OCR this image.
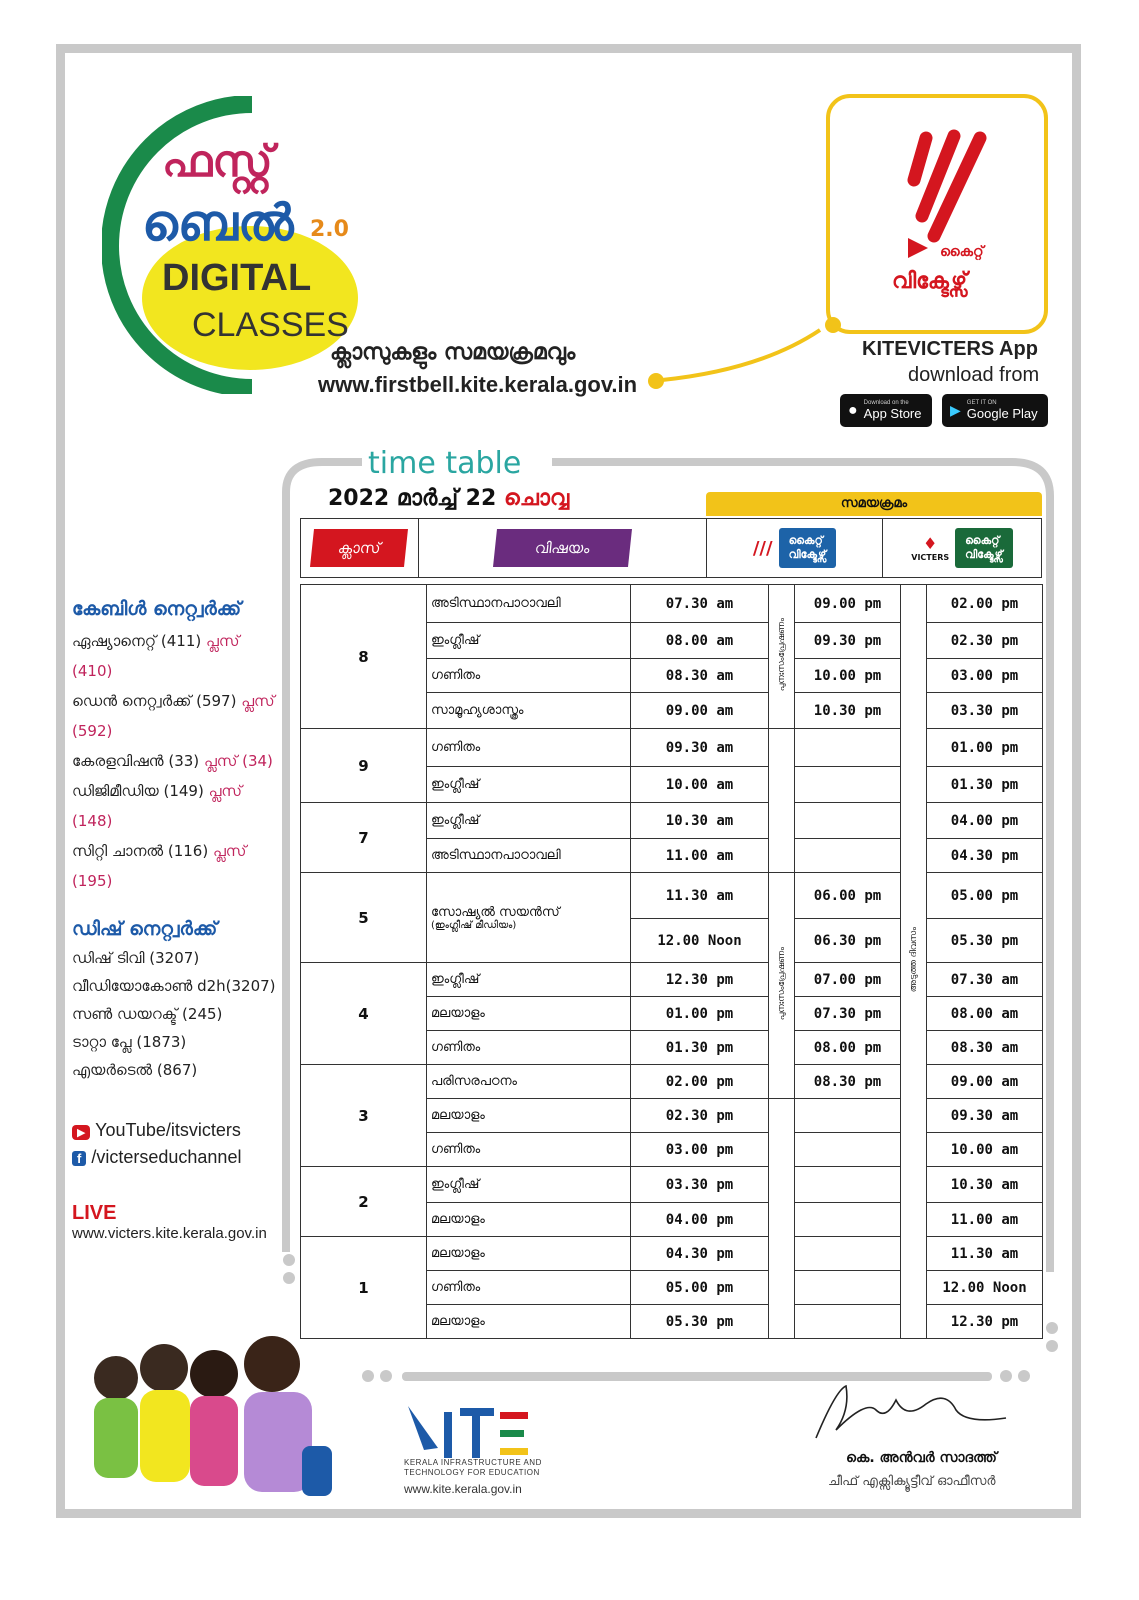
ഫസ്റ്റ്
ബെൽ 2.0
DIGITAL
CLASSES
ക്ലാസുകളും സമയക്രമവും
www.firstbell.kite.kerala.gov.in
കൈറ്റ്
വിക്ടേഴ്സ്
KITEVICTERS App
download from
● Download on the
App Store ▶ GET IT ON
Google Play
time table
2022 മാർച്ച് 22 ചൊവ്വ	സമയക്രമം
ക്ലാസ്	വിഷയം	///	കൈറ്റ്
വിക്ടേഴ്സ്
♦
VICTERS
കൈറ്റ്
വിക്ടേഴ്സ്
8	അടിസ്ഥാനപാഠാവലി	07.30 am	പുനഃസംപ്രേഷണം	09.00 pm	അടുത്ത ദിവസം	02.00 pm
	ഇംഗ്ലീഷ്	08.00 am		09.30 pm		02.30 pm
	ഗണിതം	08.30 am		10.00 pm		03.00 pm
	സാമൂഹ്യശാസ്ത്രം	09.00 am		10.30 pm		03.30 pm
9	ഗണിതം	09.30 am				01.00 pm
	ഇംഗ്ലീഷ്	10.00 am				01.30 pm
7	ഇംഗ്ലീഷ്	10.30 am				04.00 pm
	അടിസ്ഥാനപാഠാവലി	11.00 am				04.30 pm
5	സോഷ്യൽ സയൻസ്
(ഇംഗ്ലീഷ് മീഡിയം)	11.30 am	പുനഃസംപ്രേഷണം	06.00 pm		05.00 pm
		12.00 Noon		06.30 pm		05.30 pm
4	ഇംഗ്ലീഷ്	12.30 pm		07.00 pm		07.30 am
	മലയാളം	01.00 pm		07.30 pm		08.00 am
	ഗണിതം	01.30 pm		08.00 pm		08.30 am
3	പരിസരപഠനം	02.00 pm		08.30 pm		09.00 am
	മലയാളം	02.30 pm				09.30 am
	ഗണിതം	03.00 pm				10.00 am
2	ഇംഗ്ലീഷ്	03.30 pm				10.30 am
	മലയാളം	04.00 pm				11.00 am
1	മലയാളം	04.30 pm				11.30 am
	ഗണിതം	05.00 pm				12.00 Noon
	മലയാളം	05.30 pm				12.30 pm
കേബിൾ നെറ്റ്വർക്ക്
ഏഷ്യാനെറ്റ് (411) പ്ലസ് (410)
ഡെൻ നെറ്റ്വർക്ക് (597) പ്ലസ് (592)
കേരളവിഷൻ (33) പ്ലസ് (34)
ഡിജിമീഡിയ (149) പ്ലസ് (148)
സിറ്റി ചാനൽ (116) പ്ലസ് (195)
ഡിഷ് നെറ്റ്വർക്ക്
ഡിഷ് ടിവി (3207)
വീഡിയോകോൺ d2h(3207)
സൺ ഡയറക്ട് (245)
ടാറ്റാ പ്ലേ (1873)
എയർടെൽ (867)
▶ YouTube/itsvicters
f /victerseduchannel
LIVE
www.victers.kite.kerala.gov.in
KERALA INFRASTRUCTURE AND
TECHNOLOGY FOR EDUCATION
www.kite.kerala.gov.in
കെ. അൻവർ സാദത്ത്
ചീഫ് എക്സിക്യൂട്ടീവ് ഓഫീസർ
